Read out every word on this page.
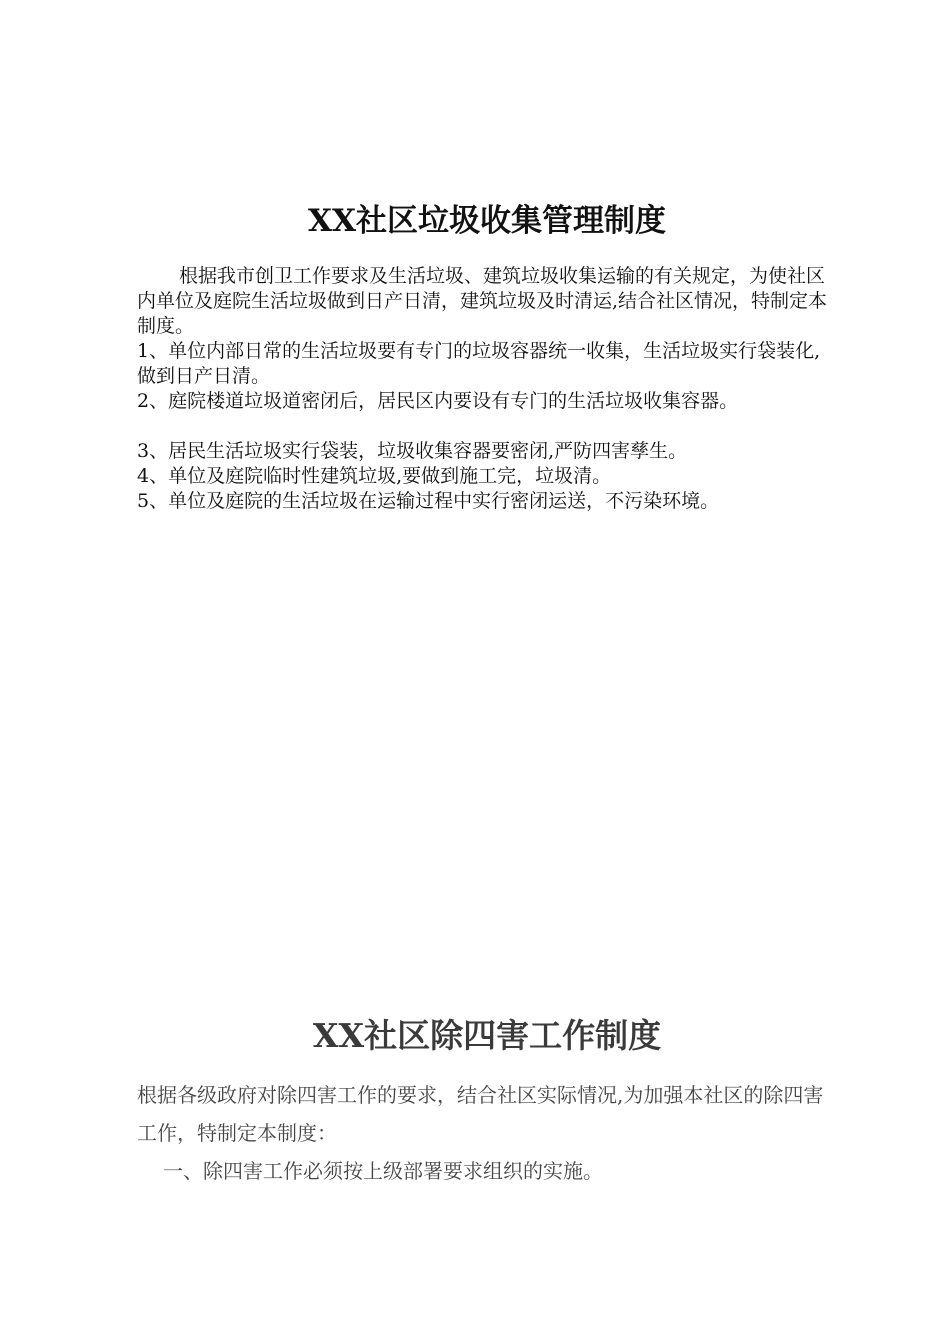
XX社区垃圾收集管理制度

根据我市创卫工作要求及生活垃圾、建筑垃圾收集运输的有关规定，为使社区内单位及庭院生活垃圾做到日产日清，建筑垃圾及时清运,结合社区情况，特制定本制度。

1、单位内部日常的生活垃圾要有专门的垃圾容器统一收集，生活垃圾实行袋装化,做到日产日清。

2、庭院楼道垃圾道密闭后，居民区内要设有专门的生活垃圾收集容器。

3、居民生活垃圾实行袋装，垃圾收集容器要密闭,严防四害孳生。

4、单位及庭院临时性建筑垃圾,要做到施工完，垃圾清。

5、单位及庭院的生活垃圾在运输过程中实行密闭运送，不污染环境。

XX社区除四害工作制度

根据各级政府对除四害工作的要求，结合社区实际情况,为加强本社区的除四害工作，特制定本制度：

一、除四害工作必须按上级部署要求组织的实施。
